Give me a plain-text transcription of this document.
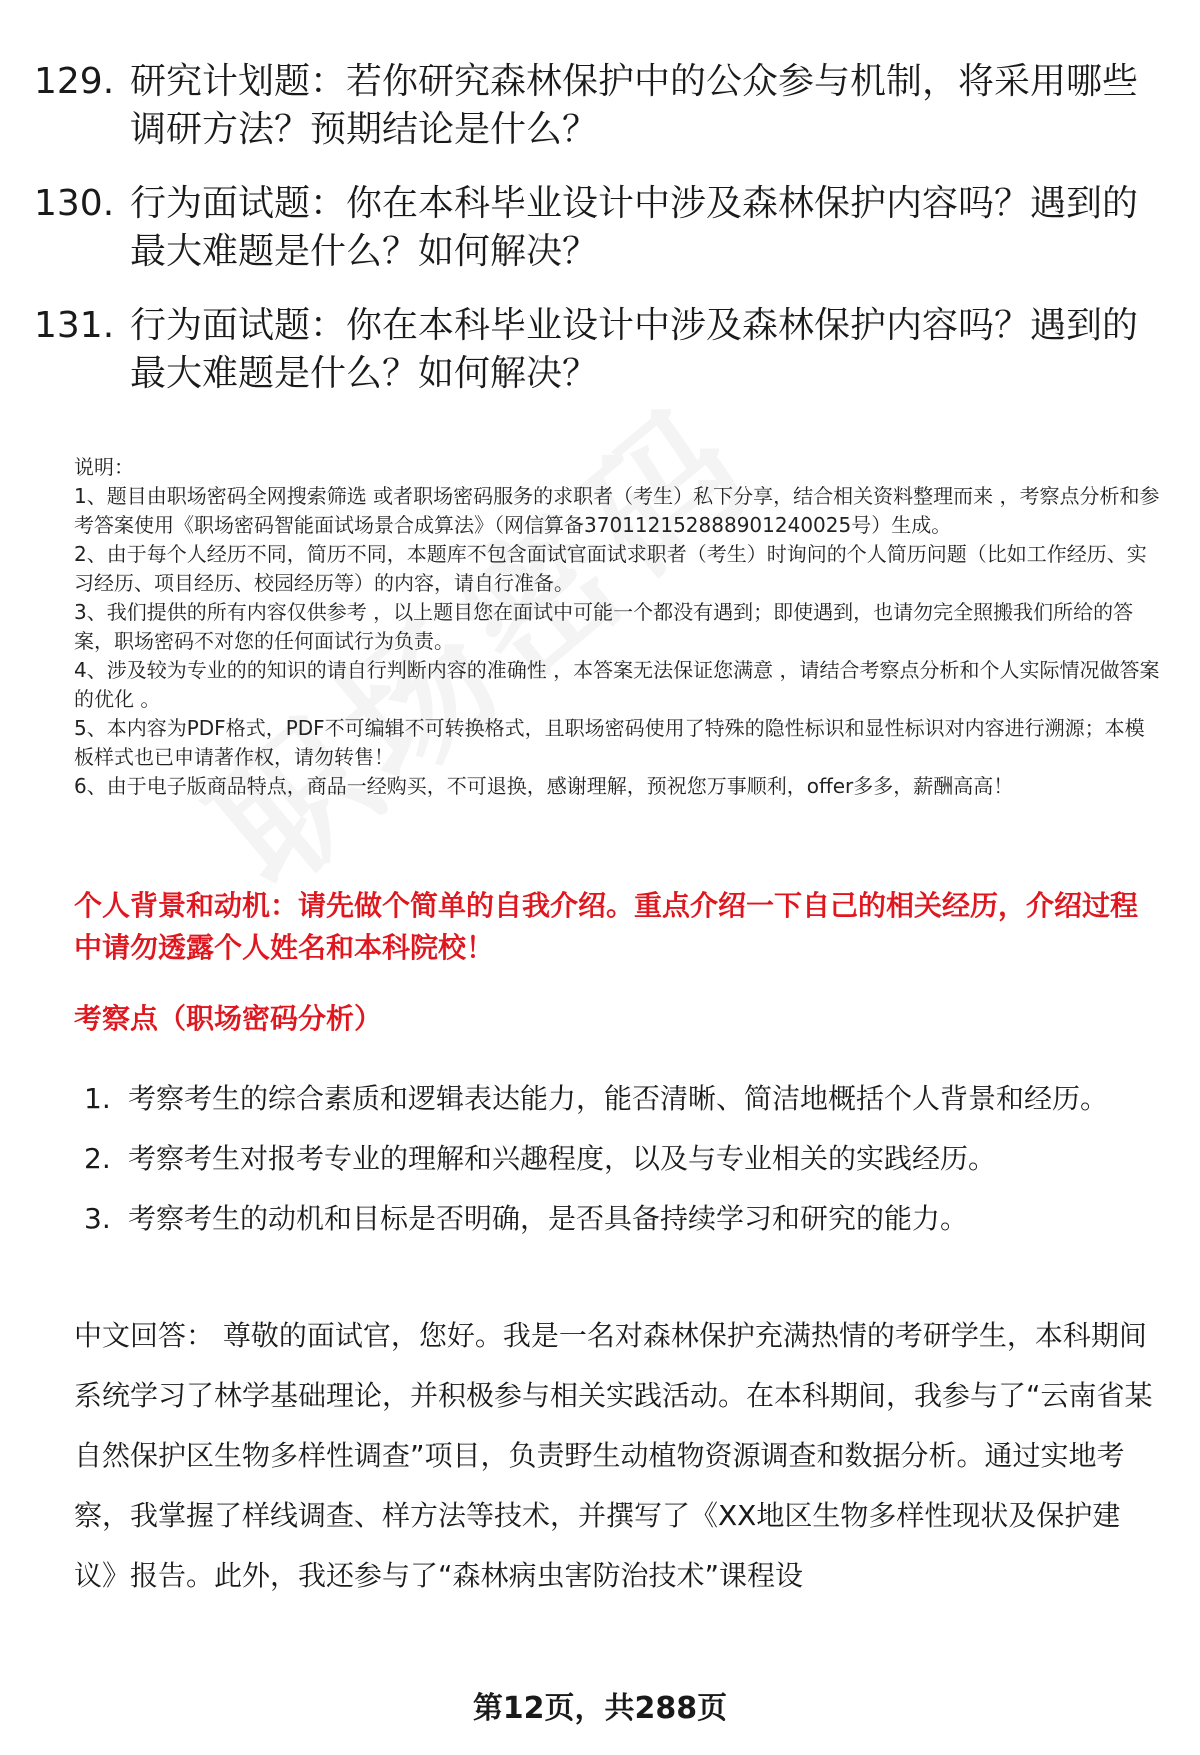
129. 研究计划题：若你研究森林保护中的公众参与机制，将采用哪些调研方法？预期结论是什么？
130. 行为面试题：你在本科毕业设计中涉及森林保护内容吗？遇到的最大难题是什么？如何解决？
131. 行为面试题：你在本科毕业设计中涉及森林保护内容吗？遇到的最大难题是什么？如何解决？

说明：

1、题目由职场密码全网搜索筛选 或者职场密码服务的求职者（考生）私下分享，结合相关资料整理而来 ，考察点分析和参考答案使用《职场密码智能面试场景合成算法》（网信算备370112152888901240025号）生成。

2、由于每个人经历不同，简历不同，本题库不包含面试官面试求职者（考生）时询问的个人简历问题（比如工作经历、实习经历、项目经历、校园经历等）的内容，请自行准备。

3、我们提供的所有内容仅供参考 ，以上题目您在面试中可能一个都没有遇到；即使遇到，也请勿完全照搬我们所给的答案，职场密码不对您的任何面试行为负责。

4、涉及较为专业的的知识的请自行判断内容的准确性 ，本答案无法保证您满意 ，请结合考察点分析和个人实际情况做答案的优化 。

5、本内容为PDF格式，PDF不可编辑不可转换格式，且职场密码使用了特殊的隐性标识和显性标识对内容进行溯源；本模板样式也已申请著作权，请勿转售！

6、由于电子版商品特点，商品一经购买，不可退换，感谢理解，预祝您万事顺利，offer多多，薪酬高高！

个人背景和动机：请先做个简单的自我介绍。重点介绍一下自己的相关经历，介绍过程中请勿透露个人姓名和本科院校！
考察点（职场密码分析）
1. 考察考生的综合素质和逻辑表达能力，能否清晰、简洁地概括个人背景和经历。
2. 考察考生对报考专业的理解和兴趣程度，以及与专业相关的实践经历。
3. 考察考生的动机和目标是否明确，是否具备持续学习和研究的能力。
中文回答： 尊敬的面试官，您好。我是一名对森林保护充满热情的考研学生，本科期间系统学习了林学基础理论，并积极参与相关实践活动。在本科期间，我参与了“云南省某自然保护区生物多样性调查”项目，负责野生动植物资源调查和数据分析。通过实地考察，我掌握了样线调查、样方法等技术，并撰写了《XX地区生物多样性现状及保护建议》报告。此外，我还参与了“森林病虫害防治技术”课程设
第12页，共288页
